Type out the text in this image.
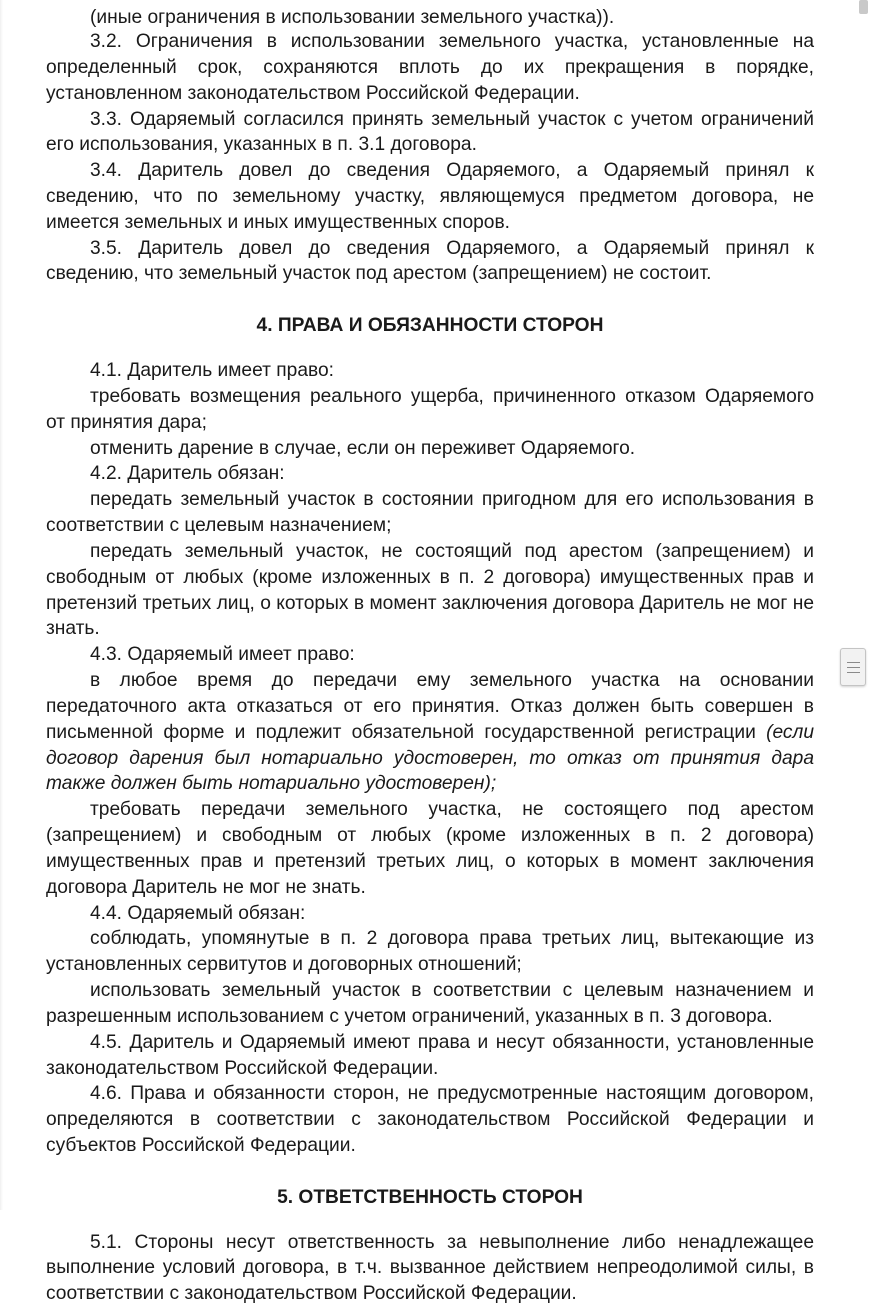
(иные ограничения в использовании земельного участка)).

3.2. Ограничения в использовании земельного участка, установленные на определенный срок, сохраняются вплоть до их прекращения в порядке, установленном законодательством Российской Федерации.

3.3. Одаряемый согласился принять земельный участок с учетом ограничений его использования, указанных в п. 3.1 договора.

3.4. Даритель довел до сведения Одаряемого, а Одаряемый принял к сведению, что по земельному участку, являющемуся предметом договора, не имеется земельных и иных имущественных споров.

3.5. Даритель довел до сведения Одаряемого, а Одаряемый принял к сведению, что земельный участок под арестом (запрещением) не состоит.

4. ПРАВА И ОБЯЗАННОСТИ СТОРОН

4.1. Даритель имеет право:

требовать возмещения реального ущерба, причиненного отказом Одаряемого от принятия дара;

отменить дарение в случае, если он переживет Одаряемого.

4.2. Даритель обязан:

передать земельный участок в состоянии пригодном для его использования в соответствии с целевым назначением;

передать земельный участок, не состоящий под арестом (запрещением) и свободным от любых (кроме изложенных в п. 2 договора) имущественных прав и претензий третьих лиц, о которых в момент заключения договора Даритель не мог не знать.

4.3. Одаряемый имеет право:

в любое время до передачи ему земельного участка на основании передаточного акта отказаться от его принятия. Отказ должен быть совершен в письменной форме и подлежит обязательной государственной регистрации (если договор дарения был нотариально удостоверен, то отказ от принятия дара также должен быть нотариально удостоверен);

требовать передачи земельного участка, не состоящего под арестом (запрещением) и свободным от любых (кроме изложенных в п. 2 договора) имущественных прав и претензий третьих лиц, о которых в момент заключения договора Даритель не мог не знать.

4.4. Одаряемый обязан:

соблюдать, упомянутые в п. 2 договора права третьих лиц, вытекающие из установленных сервитутов и договорных отношений;

использовать земельный участок в соответствии с целевым назначением и разрешенным использованием с учетом ограничений, указанных в п. 3 договора.

4.5. Даритель и Одаряемый имеют права и несут обязанности, установленные законодательством Российской Федерации.

4.6. Права и обязанности сторон, не предусмотренные настоящим договором, определяются в соответствии с законодательством Российской Федерации и субъектов Российской Федерации.

5. ОТВЕТСТВЕННОСТЬ СТОРОН

5.1. Стороны несут ответственность за невыполнение либо ненадлежащее выполнение условий договора, в т.ч. вызванное действием непреодолимой силы, в соответствии с законодательством Российской Федерации.
